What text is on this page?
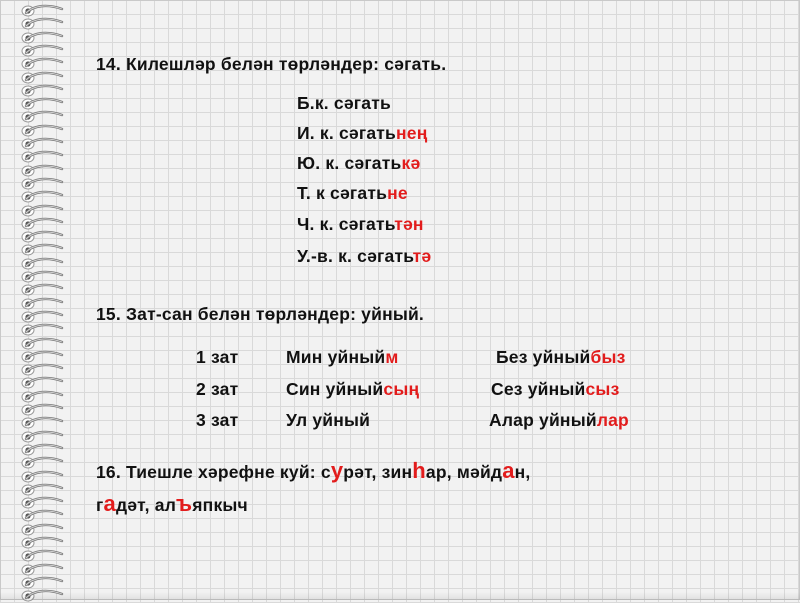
14. Килешләр белән төрләндер: сәгать.
Б.к. сәгать
И. к. сәгатьнең
Ю. к. сәгатькә
Т. к сәгатьне
Ч. к. сәгатьтән
У.-в. к. сәгатьтә
15. Зат-сан белән төрләндер: уйный.
1 зат	Мин уйныйм	Без уйныйбыз
2 зат	Син уйныйсың	Сез уйныйсыз
3 зат	Ул уйный	Алар уйныйлар
16. Тиешле хәрефне куй: сурәт, зинһар, мәйдан,
гадәт, алъяпкыч
